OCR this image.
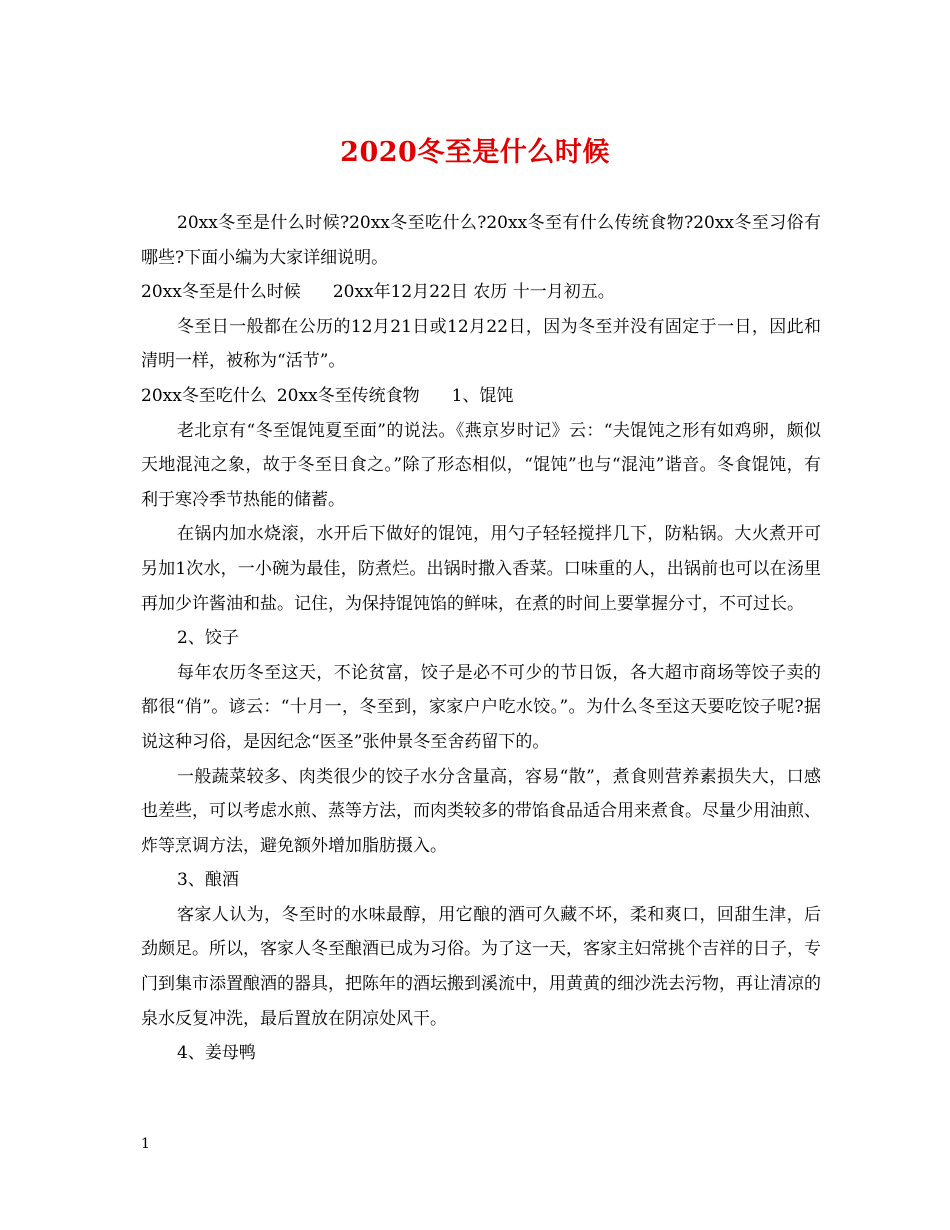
2020冬至是什么时候

20xx冬至是什么时候?20xx冬至吃什么?20xx冬至有什么传统食物?20xx冬至习俗有哪些?下面小编为大家详细说明。

20xx冬至是什么时候 20xx年12月22日 农历 十一月初五。

冬至日一般都在公历的12月21日或12月22日，因为冬至并没有固定于一日，因此和清明一样，被称为“活节”。

20xx冬至吃什么 20xx冬至传统食物 1、馄饨

老北京有“冬至馄饨夏至面”的说法。《燕京岁时记》云：“夫馄饨之形有如鸡卵，颇似天地混沌之象，故于冬至日食之。”除了形态相似，“馄饨”也与“混沌”谐音。冬食馄饨，有利于寒冷季节热能的储蓄。

在锅内加水烧滚，水开后下做好的馄饨，用勺子轻轻搅拌几下，防粘锅。大火煮开可另加1次水，一小碗为最佳，防煮烂。出锅时撒入香菜。口味重的人，出锅前也可以在汤里再加少许酱油和盐。记住，为保持馄饨馅的鲜味，在煮的时间上要掌握分寸，不可过长。

2、饺子

每年农历冬至这天，不论贫富，饺子是必不可少的节日饭，各大超市商场等饺子卖的都很“俏”。谚云：“十月一，冬至到，家家户户吃水饺。”。为什么冬至这天要吃饺子呢?据说这种习俗，是因纪念“医圣”张仲景冬至舍药留下的。

一般蔬菜较多、肉类很少的饺子水分含量高，容易“散”，煮食则营养素损失大，口感也差些，可以考虑水煎、蒸等方法，而肉类较多的带馅食品适合用来煮食。尽量少用油煎、炸等烹调方法，避免额外增加脂肪摄入。

3、酿酒

客家人认为，冬至时的水味最醇，用它酿的酒可久藏不坏，柔和爽口，回甜生津，后劲颇足。所以，客家人冬至酿酒已成为习俗。为了这一天，客家主妇常挑个吉祥的日子，专门到集市添置酿酒的器具，把陈年的酒坛搬到溪流中，用黄黄的细沙洗去污物，再让清凉的泉水反复冲洗，最后置放在阴凉处风干。

4、姜母鸭

1
